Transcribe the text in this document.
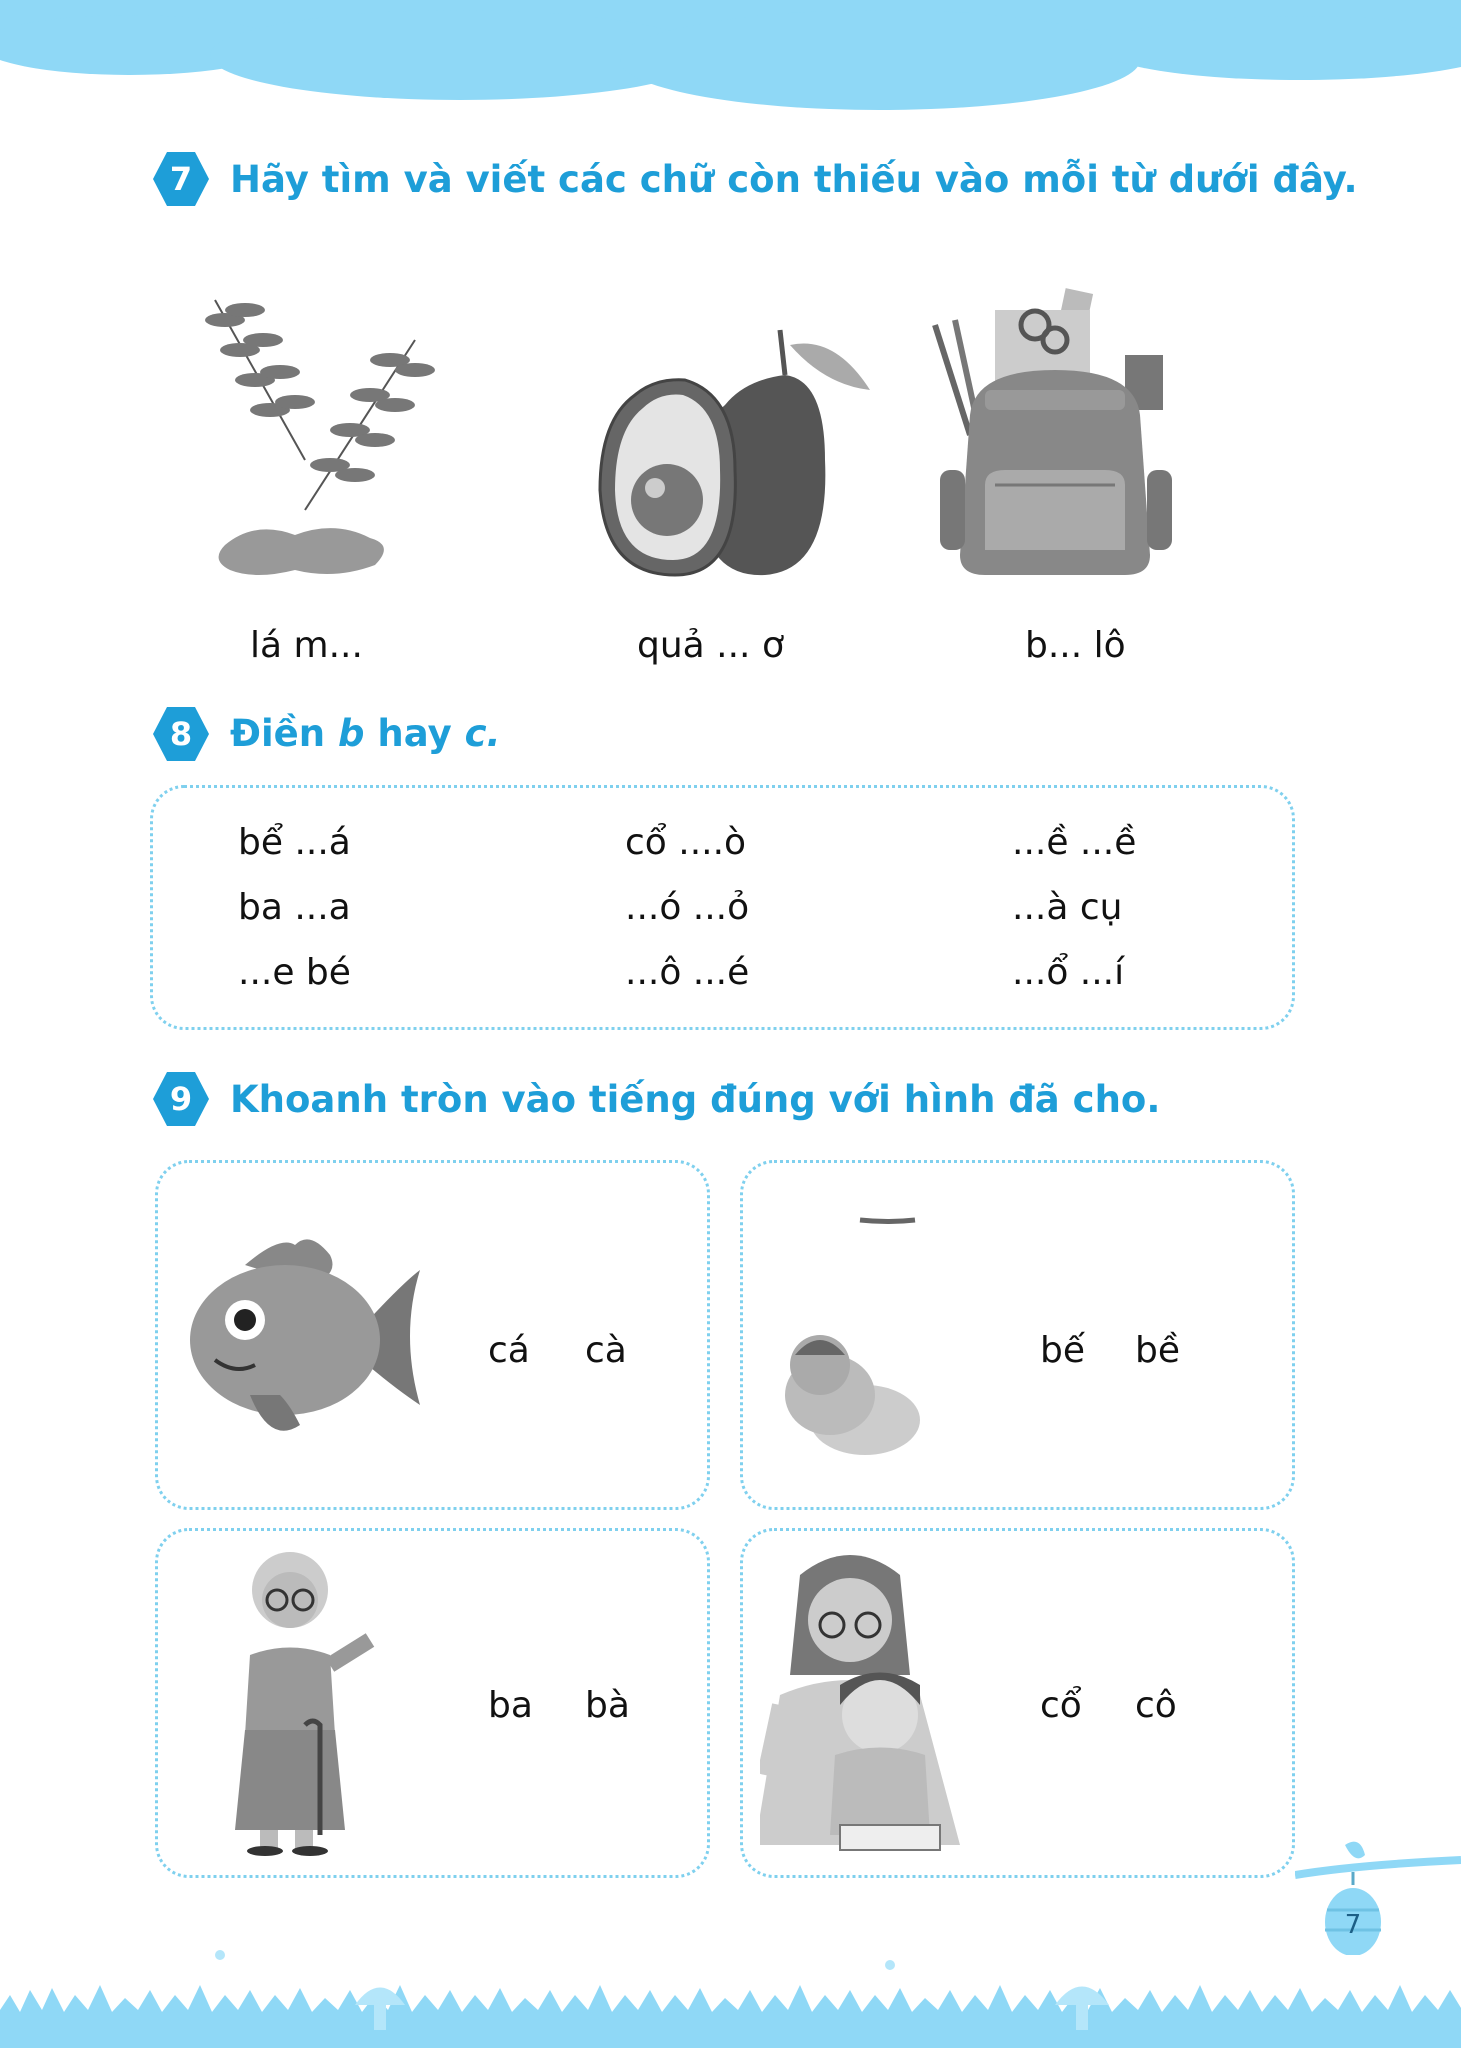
7	Hãy tìm và viết các chữ còn thiếu vào mỗi từ dưới đây.
lá m...	quả ... ơ	b... lô
8	Điền b hay c.
bể ...á	cổ ....ò	...ề ...ề
ba ...a	...ó ...ỏ	...à cụ
...e bé	...ô ...é	...ổ ...í
9	Khoanh tròn vào tiếng đúng với hình đã cho.
cá cà	bế bề
ba bà	cổ cô
7
